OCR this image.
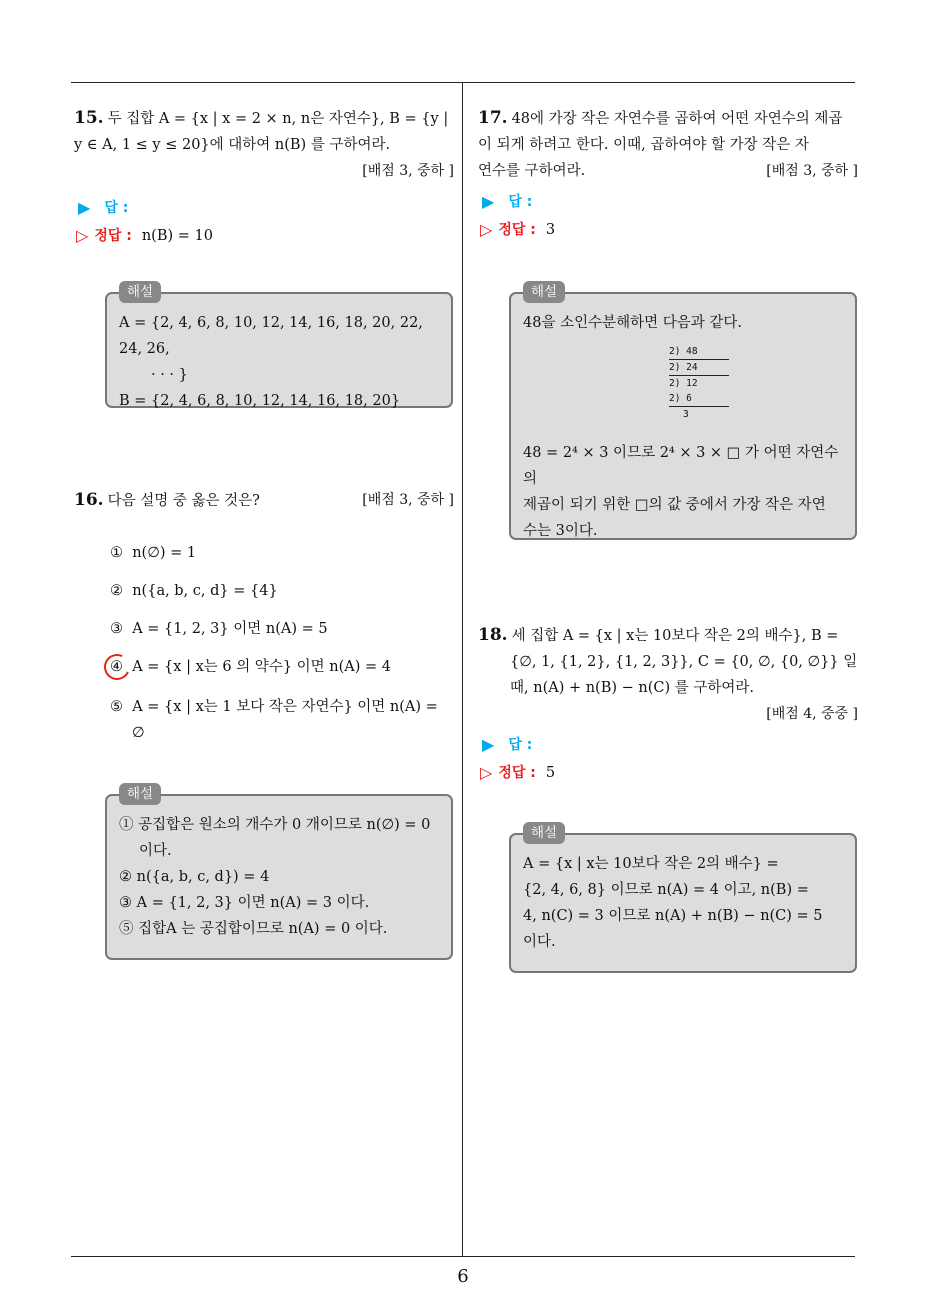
6

15. 두 집합 A = {x | x = 2 × n, n은 자연수}, B = {y |

y ∈ A, 1 ≤ y ≤ 20}에 대하여 n(B) 를 구하여라.

[배점 3, 중하 ]
▶ 답 :
▷ 정답 : n(B) = 10
해설
A = {2, 4, 6, 8, 10, 12, 14, 16, 18, 20, 22, 24, 26,
· · · }
B = {2, 4, 6, 8, 10, 12, 14, 16, 18, 20}
16. 다음 설명 중 옳은 것은?	[배점 3, 중하 ]
① n(∅) = 1
② n({a, b, c, d} = {4}
③ A = {1, 2, 3} 이면 n(A) = 5
④ A = {x | x는 6 의 약수} 이면 n(A) = 4
⑤ A = {x | x는 1 보다 작은 자연수} 이면 n(A) =
∅
해설
① 공집합은 원소의 개수가 0 개이므로 n(∅) = 0
이다.
② n({a, b, c, d}) = 4
③ A = {1, 2, 3} 이면 n(A) = 3 이다.
⑤ 집합A 는 공집합이므로 n(A) = 0 이다.

17. 48에 가장 작은 자연수를 곱하여 어떤 자연수의 제곱

이 되게 하려고 한다. 이때, 곱하여야 할 가장 작은 자

연수를 구하여라.	[배점 3, 중하 ]
▶ 답 :
▷ 정답 : 3
해설
48을 소인수분해하면 다음과 같다.
2) 48
2) 24
2) 12
2) 6
3
48 = 2⁴ × 3 이므로 2⁴ × 3 × □ 가 어떤 자연수의
제곱이 되기 위한 □의 값 중에서 가장 작은 자연
수는 3이다.

18. 세 집합 A = {x | x는 10보다 작은 2의 배수}, B =

{∅, 1, {1, 2}, {1, 2, 3}}, C = {0, ∅, {0, ∅}} 일

때, n(A) + n(B) − n(C) 를 구하여라.

[배점 4, 중중 ]
▶ 답 :
▷ 정답 : 5
해설
A = {x | x는 10보다 작은 2의 배수} =
{2, 4, 6, 8} 이므로 n(A) = 4 이고, n(B) =
4, n(C) = 3 이므로 n(A) + n(B) − n(C) = 5
이다.
